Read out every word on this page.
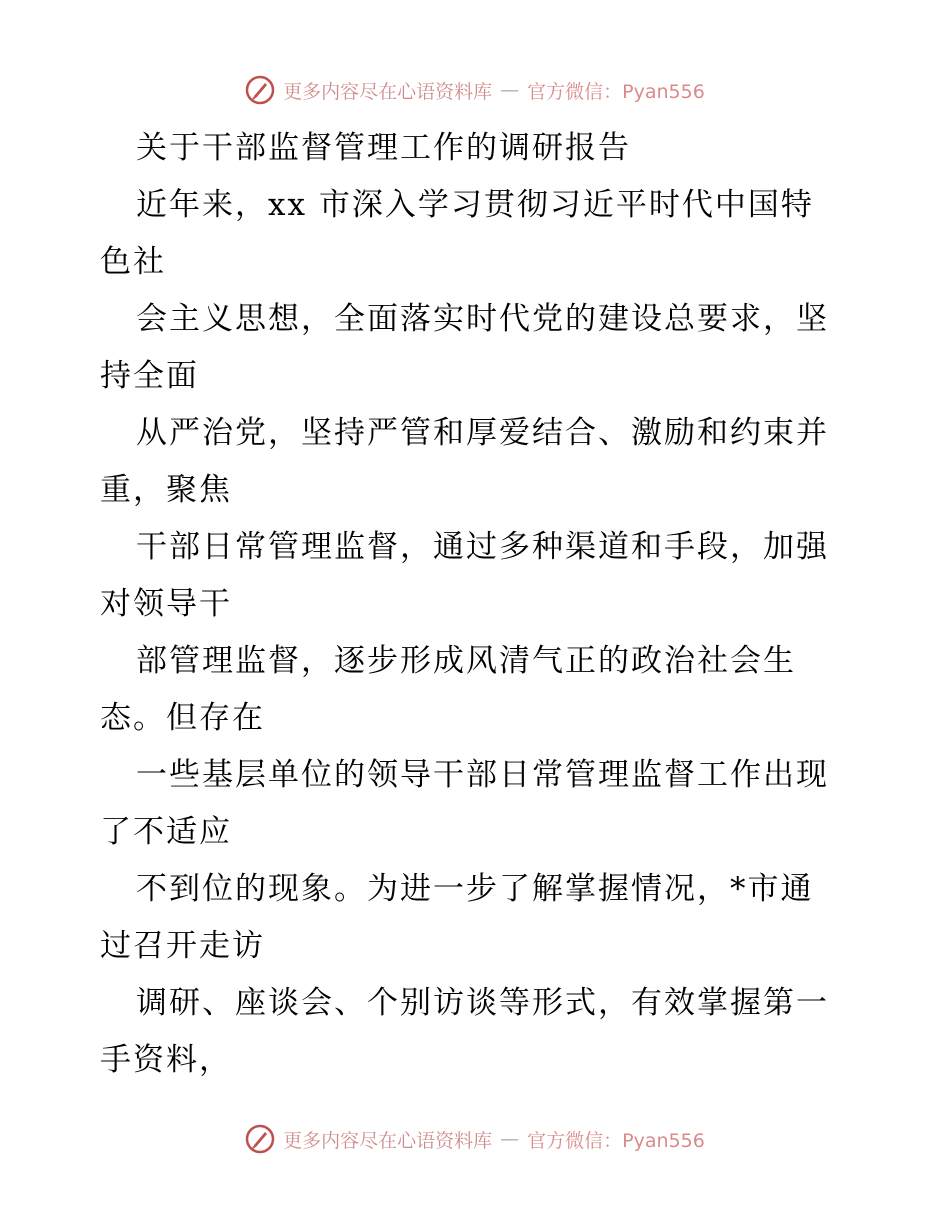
更多内容尽在心语资料库 — 官方微信：Pyan556
关于干部监督管理工作的调研报告
近年来，xx 市深入学习贯彻习近平时代中国特
色社
会主义思想，全面落实时代党的建设总要求，坚
持全面
从严治党，坚持严管和厚爱结合、激励和约束并
重，聚焦
干部日常管理监督，通过多种渠道和手段，加强
对领导干
部管理监督，逐步形成风清气正的政治社会生
态。但存在
一些基层单位的领导干部日常管理监督工作出现
了不适应
不到位的现象。为进一步了解掌握情况，*市通
过召开走访
调研、座谈会、个别访谈等形式，有效掌握第一
手资料，
更多内容尽在心语资料库 — 官方微信：Pyan556
